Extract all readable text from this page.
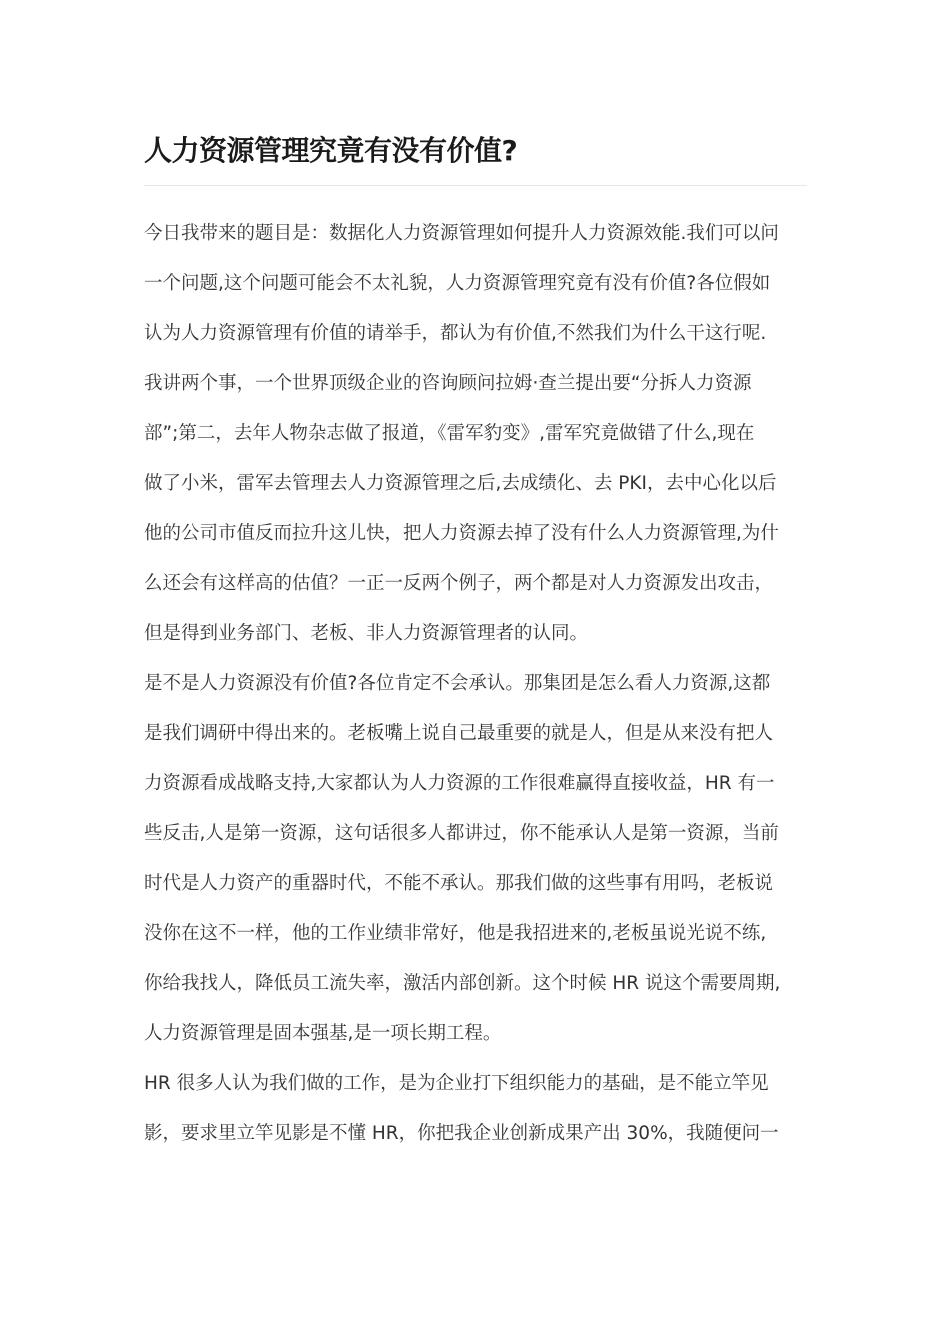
人力资源管理究竟有没有价值?
今日我带来的题目是：数据化人力资源管理如何提升人力资源效能.我们可以问
一个问题,这个问题可能会不太礼貌，人力资源管理究竟有没有价值?各位假如
认为人力资源管理有价值的请举手，都认为有价值,不然我们为什么干这行呢.
我讲两个事，一个世界顶级企业的咨询顾问拉姆·查兰提出要“分拆人力资源
部”;第二，去年人物杂志做了报道，《雷军豹变》,雷军究竟做错了什么,现在
做了小米，雷军去管理去人力资源管理之后,去成绩化、去 PKI，去中心化以后
他的公司市值反而拉升这儿快，把人力资源去掉了没有什么人力资源管理,为什
么还会有这样高的估值？一正一反两个例子，两个都是对人力资源发出攻击，
但是得到业务部门、老板、非人力资源管理者的认同。
是不是人力资源没有价值?各位肯定不会承认。那集团是怎么看人力资源,这都
是我们调研中得出来的。老板嘴上说自己最重要的就是人，但是从来没有把人
力资源看成战略支持,大家都认为人力资源的工作很难赢得直接收益，HR 有一
些反击,人是第一资源，这句话很多人都讲过，你不能承认人是第一资源，当前
时代是人力资产的重器时代，不能不承认。那我们做的这些事有用吗，老板说
没你在这不一样，他的工作业绩非常好，他是我招进来的,老板虽说光说不练,
你给我找人，降低员工流失率，激活内部创新。这个时候 HR 说这个需要周期,
人力资源管理是固本强基,是一项长期工程。
HR 很多人认为我们做的工作，是为企业打下组织能力的基础，是不能立竿见
影，要求里立竿见影是不懂 HR，你把我企业创新成果产出 30%，我随便问一
